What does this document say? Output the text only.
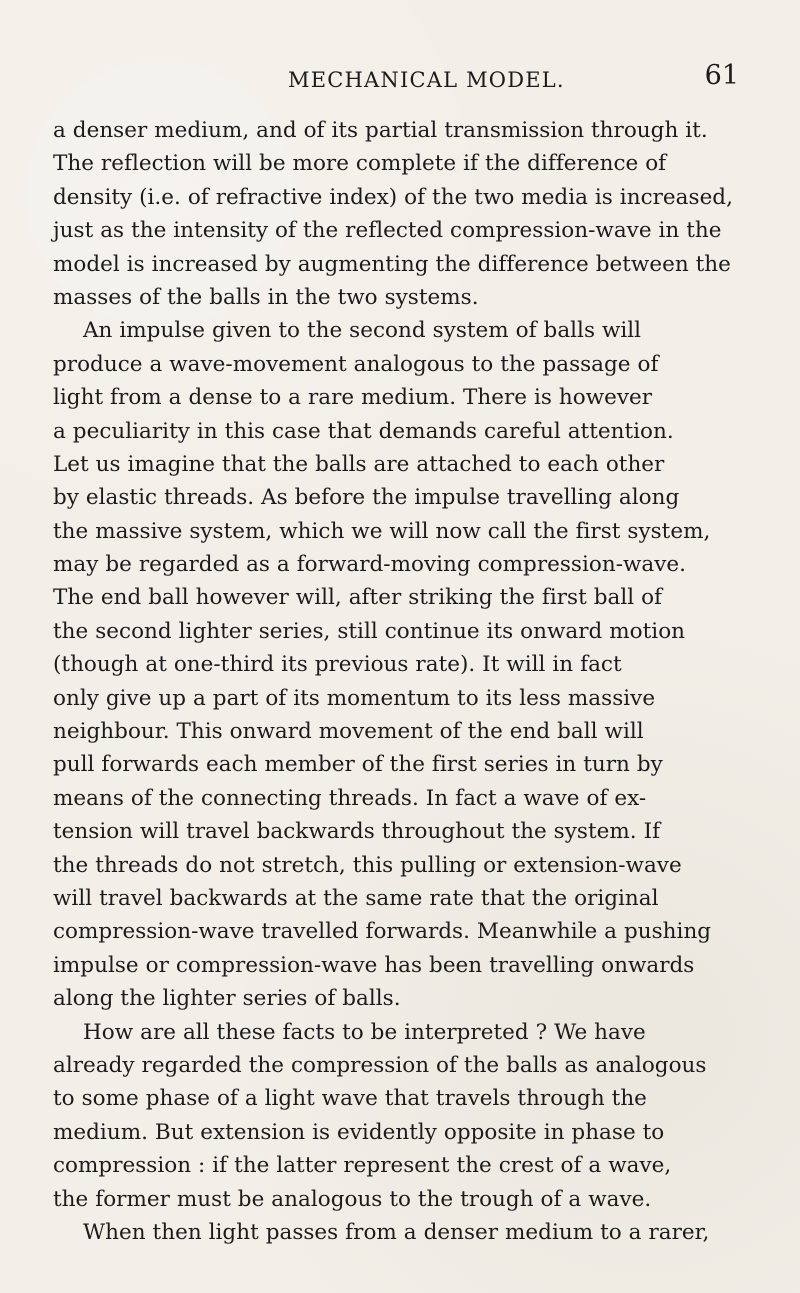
MECHANICAL MODEL.	61
a denser medium, and of its partial transmission through it.
The reflection will be more complete if the difference of
density (i.e. of refractive index) of the two media is increased,
just as the intensity of the reflected compression-wave in the
model is increased by augmenting the difference between the
masses of the balls in the two systems.
An impulse given to the second system of balls will
produce a wave-movement analogous to the passage of
light from a dense to a rare medium. There is however
a peculiarity in this case that demands careful attention.
Let us imagine that the balls are attached to each other
by elastic threads. As before the impulse travelling along
the massive system, which we will now call the first system,
may be regarded as a forward-moving compression-wave.
The end ball however will, after striking the first ball of
the second lighter series, still continue its onward motion
(though at one-third its previous rate). It will in fact
only give up a part of its momentum to its less massive
neighbour. This onward movement of the end ball will
pull forwards each member of the first series in turn by
means of the connecting threads. In fact a wave of ex-
tension will travel backwards throughout the system. If
the threads do not stretch, this pulling or extension-wave
will travel backwards at the same rate that the original
compression-wave travelled forwards. Meanwhile a pushing
impulse or compression-wave has been travelling onwards
along the lighter series of balls.
How are all these facts to be interpreted ? We have
already regarded the compression of the balls as analogous
to some phase of a light wave that travels through the
medium. But extension is evidently opposite in phase to
compression : if the latter represent the crest of a wave,
the former must be analogous to the trough of a wave.
When then light passes from a denser medium to a rarer,
